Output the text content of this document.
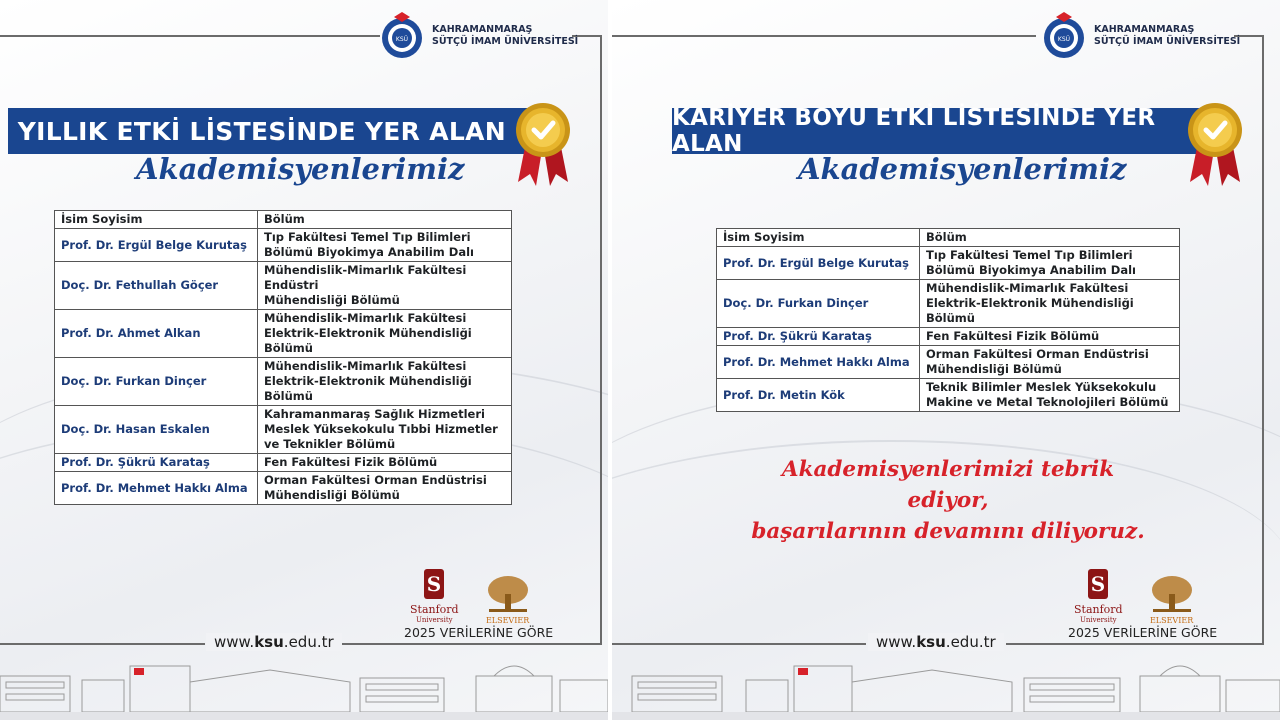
KSÜ
KAHRAMANMARAŞ
SÜTÇÜ İMAM ÜNİVERSİTESİ
YILLIK ETKİ LİSTESİNDE YER ALAN
Akademisyenlerimiz
İsim Soyisim	Bölüm
Prof. Dr. Ergül Belge Kurutaş	Tıp Fakültesi Temel Tıp Bilimleri
Bölümü Biyokimya Anabilim Dalı

Doç. Dr. Fethullah Göçer	Mühendislik-Mimarlık Fakültesi
Endüstri
Mühendisliği Bölümü

Prof. Dr. Ahmet Alkan	Mühendislik-Mimarlık Fakültesi
Elektrik-Elektronik Mühendisliği
Bölümü

Doç. Dr. Furkan Dinçer	Mühendislik-Mimarlık Fakültesi
Elektrik-Elektronik Mühendisliği
Bölümü

Doç. Dr. Hasan Eskalen	Kahramanmaraş Sağlık Hizmetleri
Meslek Yüksekokulu Tıbbi Hizmetler
ve Teknikler Bölümü

Prof. Dr. Şükrü Karataş	Fen Fakültesi Fizik Bölümü

Prof. Dr. Mehmet Hakkı Alma	Orman Fakültesi Orman Endüstrisi
Mühendisliği Bölümü
S
Stanford
University	ELSEVIER
2025 VERİLERİNE GÖRE
www.ksu.edu.tr
KSÜ
KAHRAMANMARAŞ
SÜTÇÜ İMAM ÜNİVERSİTESİ
KARİYER BOYU ETKİ LİSTESİNDE YER ALAN
Akademisyenlerimiz
İsim Soyisim	Bölüm
Prof. Dr. Ergül Belge Kurutaş	Tıp Fakültesi Temel Tıp Bilimleri
Bölümü Biyokimya Anabilim Dalı

Doç. Dr. Furkan Dinçer	Mühendislik-Mimarlık Fakültesi
Elektrik-Elektronik Mühendisliği
Bölümü

Prof. Dr. Şükrü Karataş	Fen Fakültesi Fizik Bölümü

Prof. Dr. Mehmet Hakkı Alma	Orman Fakültesi Orman Endüstrisi
Mühendisliği Bölümü

Prof. Dr. Metin Kök	Teknik Bilimler Meslek Yüksekokulu
Makine ve Metal Teknolojileri Bölümü
S
Stanford
University	ELSEVIER
2025 VERİLERİNE GÖRE
www.ksu.edu.tr
Akademisyenlerimizi tebrik ediyor,
başarılarının devamını diliyoruz.
